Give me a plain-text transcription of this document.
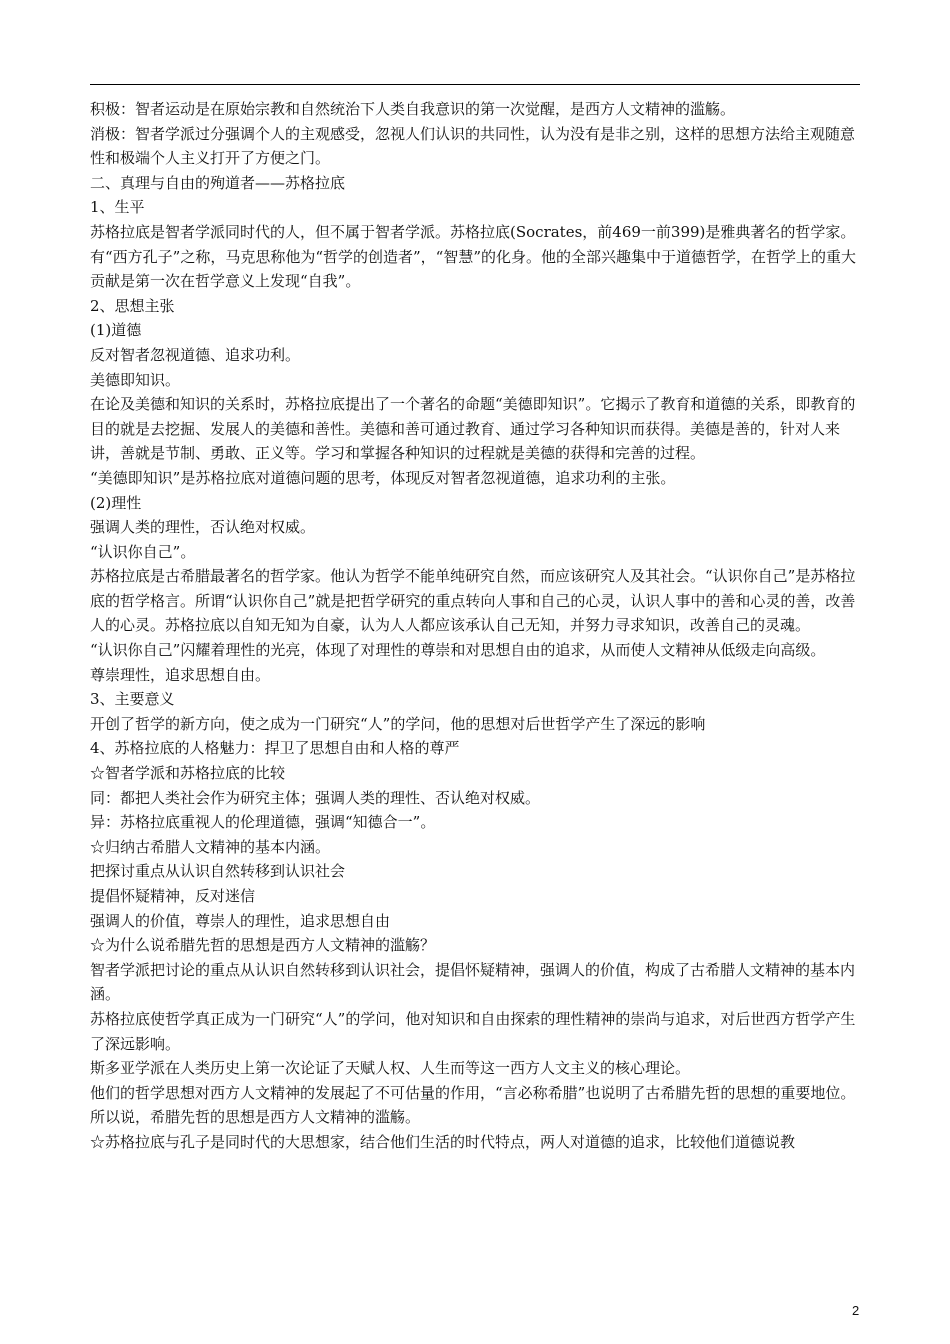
积极：智者运动是在原始宗教和自然统治下人类自我意识的第一次觉醒，是西方人文精神的滥觞。

消极：智者学派过分强调个人的主观感受，忽视人们认识的共同性，认为没有是非之别，这样的思想方法给主观随意性和极端个人主义打开了方便之门。

二、真理与自由的殉道者——苏格拉底

1、生平

苏格拉底是智者学派同时代的人，但不属于智者学派。苏格拉底(Socrates，前469一前399)是雅典著名的哲学家。有“西方孔子”之称，马克思称他为“哲学的创造者”，“智慧”的化身。他的全部兴趣集中于道德哲学，在哲学上的重大贡献是第一次在哲学意义上发现“自我”。

2、思想主张

(1)道德

反对智者忽视道德、追求功利。

美德即知识。

在论及美德和知识的关系时，苏格拉底提出了一个著名的命题“美德即知识”。它揭示了教育和道德的关系，即教育的目的就是去挖掘、发展人的美德和善性。美德和善可通过教育、通过学习各种知识而获得。美德是善的，针对人来讲，善就是节制、勇敢、正义等。学习和掌握各种知识的过程就是美德的获得和完善的过程。

“美德即知识”是苏格拉底对道德问题的思考，体现反对智者忽视道德，追求功利的主张。

(2)理性

强调人类的理性，否认绝对权威。

“认识你自己”。

苏格拉底是古希腊最著名的哲学家。他认为哲学不能单纯研究自然，而应该研究人及其社会。“认识你自己”是苏格拉底的哲学格言。所谓“认识你自己”就是把哲学研究的重点转向人事和自己的心灵，认识人事中的善和心灵的善，改善人的心灵。苏格拉底以自知无知为自豪，认为人人都应该承认自己无知，并努力寻求知识，改善自己的灵魂。

“认识你自己”闪耀着理性的光亮，体现了对理性的尊崇和对思想自由的追求，从而使人文精神从低级走向高级。

尊崇理性，追求思想自由。

3、主要意义

开创了哲学的新方向，使之成为一门研究“人”的学问，他的思想对后世哲学产生了深远的影响

4、苏格拉底的人格魅力：捍卫了思想自由和人格的尊严

☆智者学派和苏格拉底的比较

同：都把人类社会作为研究主体；强调人类的理性、否认绝对权威。

异：苏格拉底重视人的伦理道德，强调“知德合一”。

☆归纳古希腊人文精神的基本内涵。

把探讨重点从认识自然转移到认识社会

提倡怀疑精神，反对迷信

强调人的价值，尊崇人的理性，追求思想自由

☆为什么说希腊先哲的思想是西方人文精神的滥觞？

智者学派把讨论的重点从认识自然转移到认识社会，提倡怀疑精神，强调人的价值，构成了古希腊人文精神的基本内涵。

苏格拉底使哲学真正成为一门研究“人”的学问，他对知识和自由探索的理性精神的崇尚与追求，对后世西方哲学产生了深远影响。

斯多亚学派在人类历史上第一次论证了天赋人权、人生而等这一西方人文主义的核心理论。

他们的哲学思想对西方人文精神的发展起了不可估量的作用，“言必称希腊”也说明了古希腊先哲的思想的重要地位。所以说，希腊先哲的思想是西方人文精神的滥觞。

☆苏格拉底与孔子是同时代的大思想家，结合他们生活的时代特点，两人对道德的追求，比较他们道德说教

2
